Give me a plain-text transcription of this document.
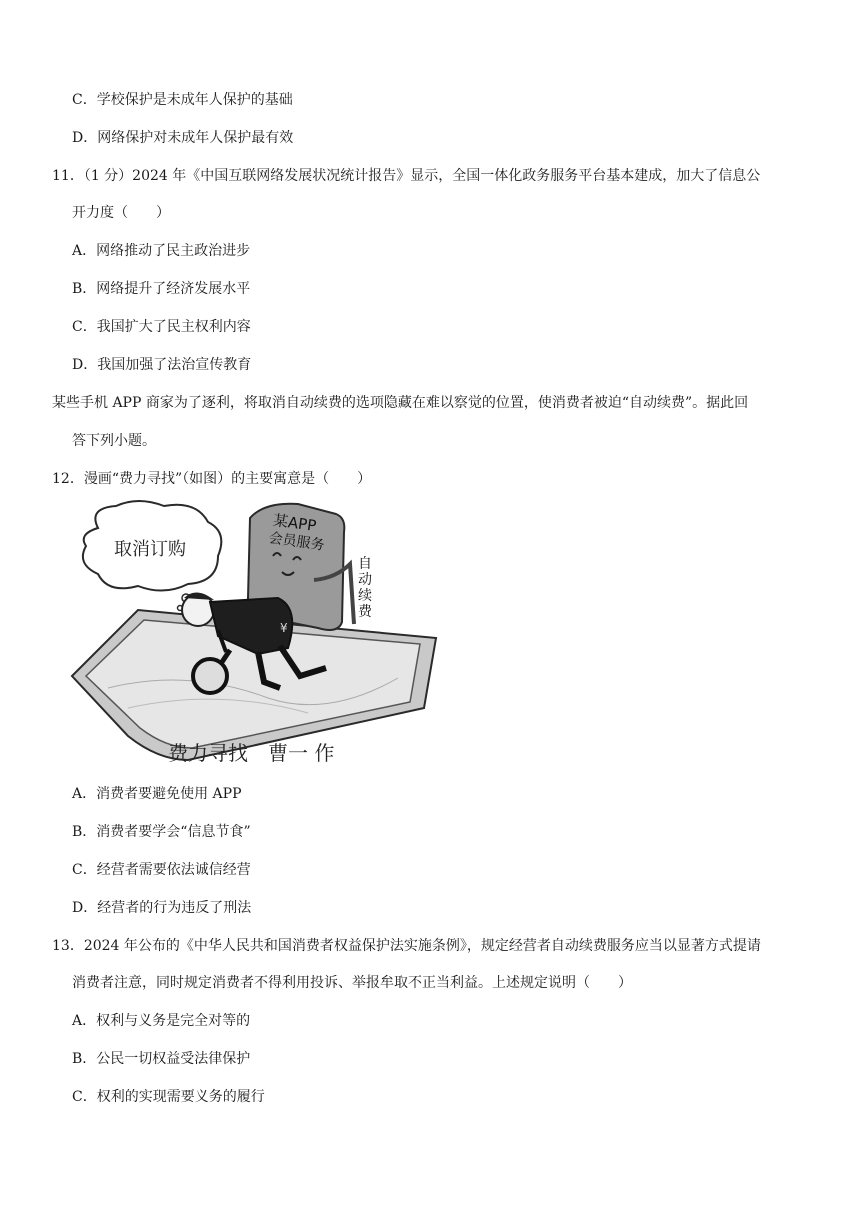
C．学校保护是未成年人保护的基础
D．网络保护对未成年人保护最有效
11．（1 分）2024 年《中国互联网络发展状况统计报告》显示，全国一体化政务服务平台基本建成，加大了信息公
开力度（　　）
A．网络推动了民主政治进步
B．网络提升了经济发展水平
C．我国扩大了民主权利内容
D．我国加强了法治宣传教育
某些手机 APP 商家为了逐利，将取消自动续费的选项隐藏在难以察觉的位置，使消费者被迫“自动续费”。据此回
答下列小题。
12．漫画“费力寻找”（如图）的主要寓意是（　　）
取消订购
某APP
会员服务
自动续费
¥
费力寻找　曹一 作
A．消费者要避免使用 APP
B．消费者要学会“信息节食”
C．经营者需要依法诚信经营
D．经营者的行为违反了刑法
13．2024 年公布的《中华人民共和国消费者权益保护法实施条例》，规定经营者自动续费服务应当以显著方式提请
消费者注意，同时规定消费者不得利用投诉、举报牟取不正当利益。上述规定说明（　　）
A．权利与义务是完全对等的
B．公民一切权益受法律保护
C．权利的实现需要义务的履行
